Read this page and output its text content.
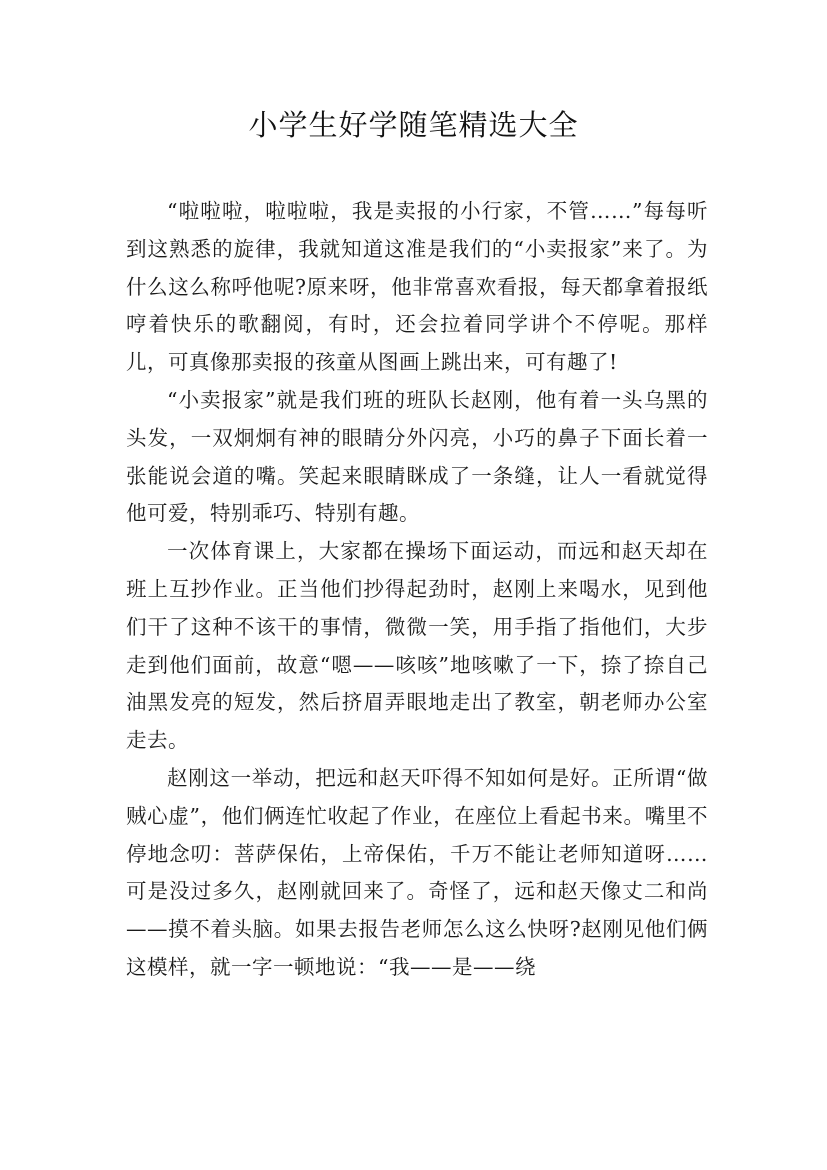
小学生好学随笔精选大全

“啦啦啦，啦啦啦，我是卖报的小行家，不管……”每每听到这熟悉的旋律，我就知道这准是我们的“小卖报家”来了。为什么这么称呼他呢?原来呀，他非常喜欢看报，每天都拿着报纸哼着快乐的歌翻阅，有时，还会拉着同学讲个不停呢。那样儿，可真像那卖报的孩童从图画上跳出来，可有趣了!

“小卖报家”就是我们班的班队长赵刚，他有着一头乌黑的头发，一双炯炯有神的眼睛分外闪亮，小巧的鼻子下面长着一张能说会道的嘴。笑起来眼睛眯成了一条缝，让人一看就觉得他可爱，特别乖巧、特别有趣。

一次体育课上，大家都在操场下面运动，而远和赵天却在班上互抄作业。正当他们抄得起劲时，赵刚上来喝水，见到他们干了这种不该干的事情，微微一笑，用手指了指他们，大步走到他们面前，故意“嗯——咳咳”地咳嗽了一下，捺了捺自己油黑发亮的短发，然后挤眉弄眼地走出了教室，朝老师办公室走去。

赵刚这一举动，把远和赵天吓得不知如何是好。正所谓“做贼心虚”，他们俩连忙收起了作业，在座位上看起书来。嘴里不停地念叨：菩萨保佑，上帝保佑，千万不能让老师知道呀……可是没过多久，赵刚就回来了。奇怪了，远和赵天像丈二和尚——摸不着头脑。如果去报告老师怎么这么快呀?赵刚见他们俩这模样，就一字一顿地说：“我——是——绕
